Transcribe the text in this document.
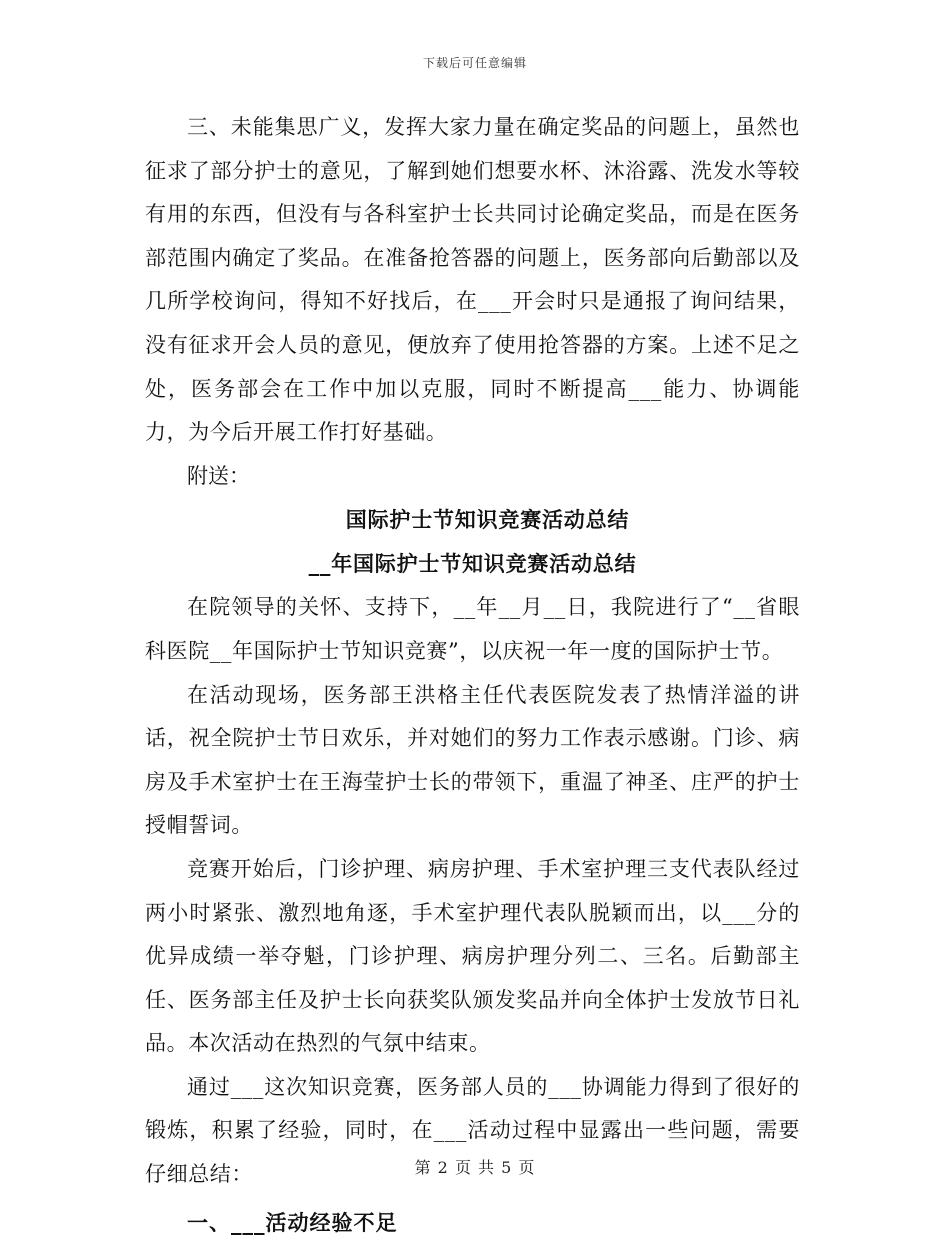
下载后可任意编辑

三、未能集思广义，发挥大家力量在确定奖品的问题上，虽然也征求了部分护士的意见，了解到她们想要水杯、沐浴露、洗发水等较有用的东西，但没有与各科室护士长共同讨论确定奖品，而是在医务部范围内确定了奖品。在准备抢答器的问题上，医务部向后勤部以及几所学校询问，得知不好找后，在___开会时只是通报了询问结果，没有征求开会人员的意见，便放弃了使用抢答器的方案。上述不足之处，医务部会在工作中加以克服，同时不断提高___能力、协调能力，为今后开展工作打好基础。

附送：
国际护士节知识竞赛活动总结
__年国际护士节知识竞赛活动总结

在院领导的关怀、支持下，__年__月__日，我院进行了“__省眼科医院__年国际护士节知识竞赛”，以庆祝一年一度的国际护士节。

在活动现场，医务部王洪格主任代表医院发表了热情洋溢的讲话，祝全院护士节日欢乐，并对她们的努力工作表示感谢。门诊、病房及手术室护士在王海莹护士长的带领下，重温了神圣、庄严的护士授帽誓词。

竞赛开始后，门诊护理、病房护理、手术室护理三支代表队经过两小时紧张、激烈地角逐，手术室护理代表队脱颖而出，以___分的优异成绩一举夺魁，门诊护理、病房护理分列二、三名。后勤部主任、医务部主任及护士长向获奖队颁发奖品并向全体护士发放节日礼品。本次活动在热烈的气氛中结束。

通过___这次知识竞赛，医务部人员的___协调能力得到了很好的锻炼，积累了经验，同时，在___活动过程中显露出一些问题，需要仔细总结：

一、___活动经验不足
第 2 页 共 5 页
